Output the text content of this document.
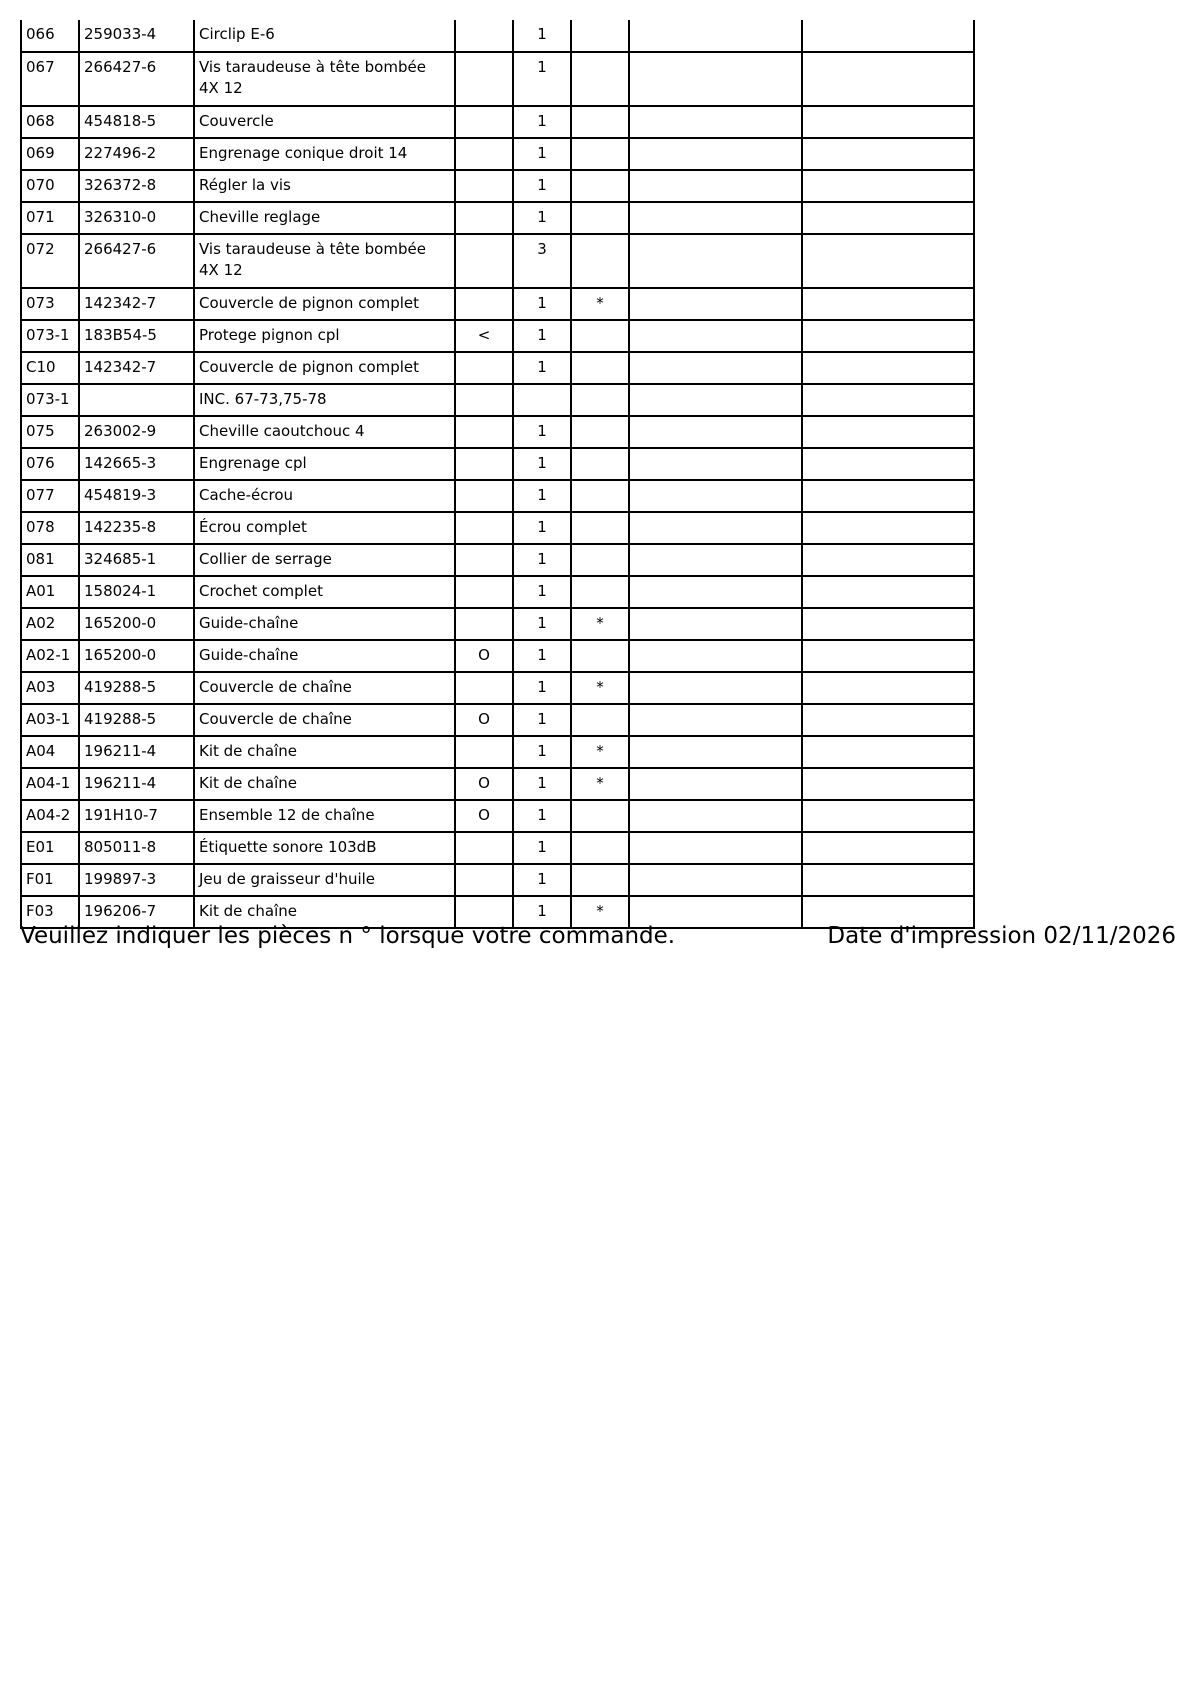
066	259033-4	Circlip E-6		1			
067	266427-6	Vis taraudeuse à tête bombée 4X 12		1			
068	454818-5	Couvercle		1			
069	227496-2	Engrenage conique droit 14		1			
070	326372-8	Régler la vis		1			
071	326310-0	Cheville reglage		1			
072	266427-6	Vis taraudeuse à tête bombée 4X 12		3			
073	142342-7	Couvercle de pignon complet		1	*		
073-1	183B54-5	Protege pignon cpl	<	1			
C10	142342-7	Couvercle de pignon complet		1			
073-1		INC. 67-73,75-78					
075	263002-9	Cheville caoutchouc 4		1			
076	142665-3	Engrenage cpl		1			
077	454819-3	Cache-écrou		1			
078	142235-8	Écrou complet		1			
081	324685-1	Collier de serrage		1			
A01	158024-1	Crochet complet		1			
A02	165200-0	Guide-chaîne		1	*		
A02-1	165200-0	Guide-chaîne	O	1			
A03	419288-5	Couvercle de chaîne		1	*		
A03-1	419288-5	Couvercle de chaîne	O	1			
A04	196211-4	Kit de chaîne		1	*		
A04-1	196211-4	Kit de chaîne	O	1	*		
A04-2	191H10-7	Ensemble 12 de chaîne	O	1			
E01	805011-8	Étiquette sonore 103dB		1			
F01	199897-3	Jeu de graisseur d'huile		1			
F03	196206-7	Kit de chaîne		1	*		
Veuillez indiquer les pièces n ° lorsque votre commande.	Date d'impression 02/11/2026
